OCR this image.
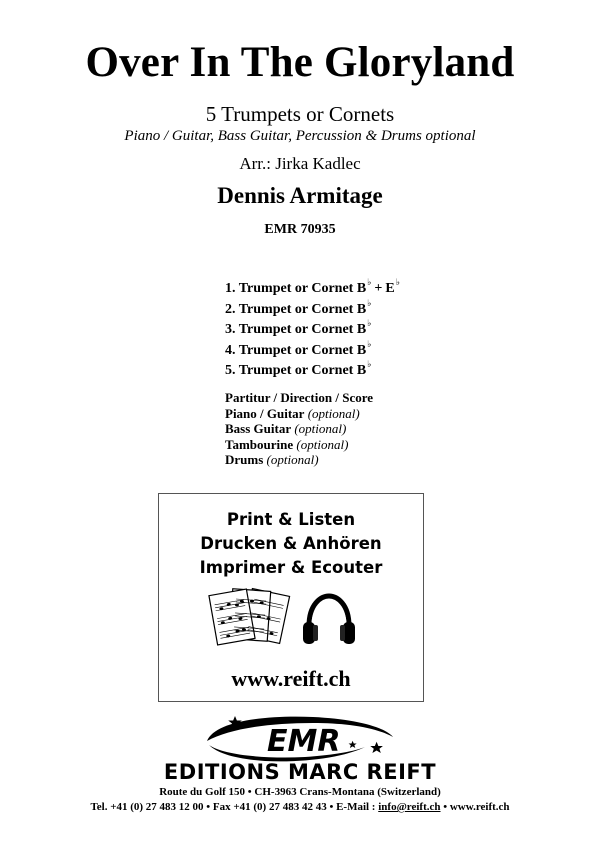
Over In The Gloryland
5 Trumpets or Cornets
Piano / Guitar, Bass Guitar, Percussion & Drums optional
Arr.: Jirka Kadlec
Dennis Armitage
EMR 70935
1. Trumpet or Cornet B♭ + E♭
2. Trumpet or Cornet B♭
3. Trumpet or Cornet B♭
4. Trumpet or Cornet B♭
5. Trumpet or Cornet B♭
Partitur / Direction / Score
Piano / Guitar (optional)
Bass Guitar (optional)
Tambourine (optional)
Drums (optional)
Print & Listen
Drucken & Anhören
Imprimer & Ecouter
www.reift.ch
EMR
EDITIONS MARC REIFT
Route du Golf 150 • CH-3963 Crans-Montana (Switzerland)
Tel. +41 (0) 27 483 12 00 • Fax +41 (0) 27 483 42 43 • E-Mail : info@reift.ch • www.reift.ch
